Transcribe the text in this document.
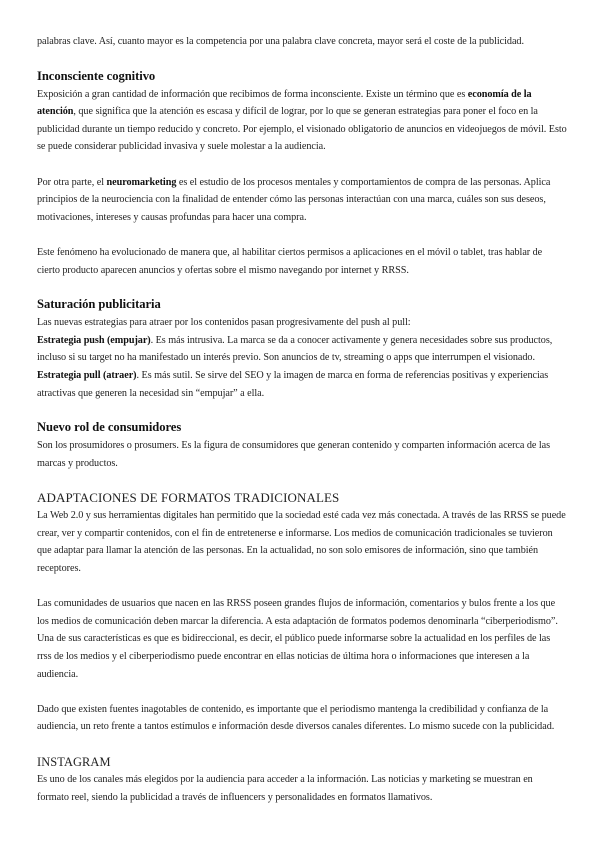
palabras clave. Así, cuanto mayor es la competencia por una palabra clave concreta, mayor será el coste de la publicidad.

Inconsciente cognitivo

Exposición a gran cantidad de información que recibimos de forma inconsciente. Existe un término que es economía de la atención, que significa que la atención es escasa y difícil de lograr, por lo que se generan estrategias para poner el foco en la publicidad durante un tiempo reducido y concreto. Por ejemplo, el visionado obligatorio de anuncios en videojuegos de móvil. Esto se puede considerar publicidad invasiva y suele molestar a la audiencia.

Por otra parte, el neuromarketing es el estudio de los procesos mentales y comportamientos de compra de las personas. Aplica principios de la neurociencia con la finalidad de entender cómo las personas interactúan con una marca, cuáles son sus deseos, motivaciones, intereses y causas profundas para hacer una compra.

Este fenómeno ha evolucionado de manera que, al habilitar ciertos permisos a aplicaciones en el móvil o tablet, tras hablar de cierto producto aparecen anuncios y ofertas sobre el mismo navegando por internet y RRSS.

Saturación publicitaria

Las nuevas estrategias para atraer por los contenidos pasan progresivamente del push al pull:

Estrategia push (empujar). Es más intrusiva. La marca se da a conocer activamente y genera necesidades sobre sus productos, incluso si su target no ha manifestado un interés previo. Son anuncios de tv, streaming o apps que interrumpen el visionado.

Estrategia pull (atraer). Es más sutil. Se sirve del SEO y la imagen de marca en forma de referencias positivas y experiencias atractivas que generen la necesidad sin “empujar” a ella.

Nuevo rol de consumidores

Son los prosumidores o prosumers. Es la figura de consumidores que generan contenido y comparten información acerca de las marcas y productos.

ADAPTACIONES DE FORMATOS TRADICIONALES

La Web 2.0 y sus herramientas digitales han permitido que la sociedad esté cada vez más conectada. A través de las RRSS se puede crear, ver y compartir contenidos, con el fin de entretenerse e informarse. Los medios de comunicación tradicionales se tuvieron que adaptar para llamar la atención de las personas. En la actualidad, no son solo emisores de información, sino que también receptores.

Las comunidades de usuarios que nacen en las RRSS poseen grandes flujos de información, comentarios y bulos frente a los que los medios de comunicación deben marcar la diferencia. A esta adaptación de formatos podemos denominarla “ciberperiodismo”. Una de sus características es que es bidireccional, es decir, el público puede informarse sobre la actualidad en los perfiles de las rrss de los medios y el ciberperiodismo puede encontrar en ellas noticias de última hora o informaciones que interesen a la audiencia.

Dado que existen fuentes inagotables de contenido, es importante que el periodismo mantenga la credibilidad y confianza de la audiencia, un reto frente a tantos estímulos e información desde diversos canales diferentes. Lo mismo sucede con la publicidad.

INSTAGRAM

Es uno de los canales más elegidos por la audiencia para acceder a la información. Las noticias y marketing se muestran en formato reel, siendo la publicidad a través de influencers y personalidades en formatos llamativos.
